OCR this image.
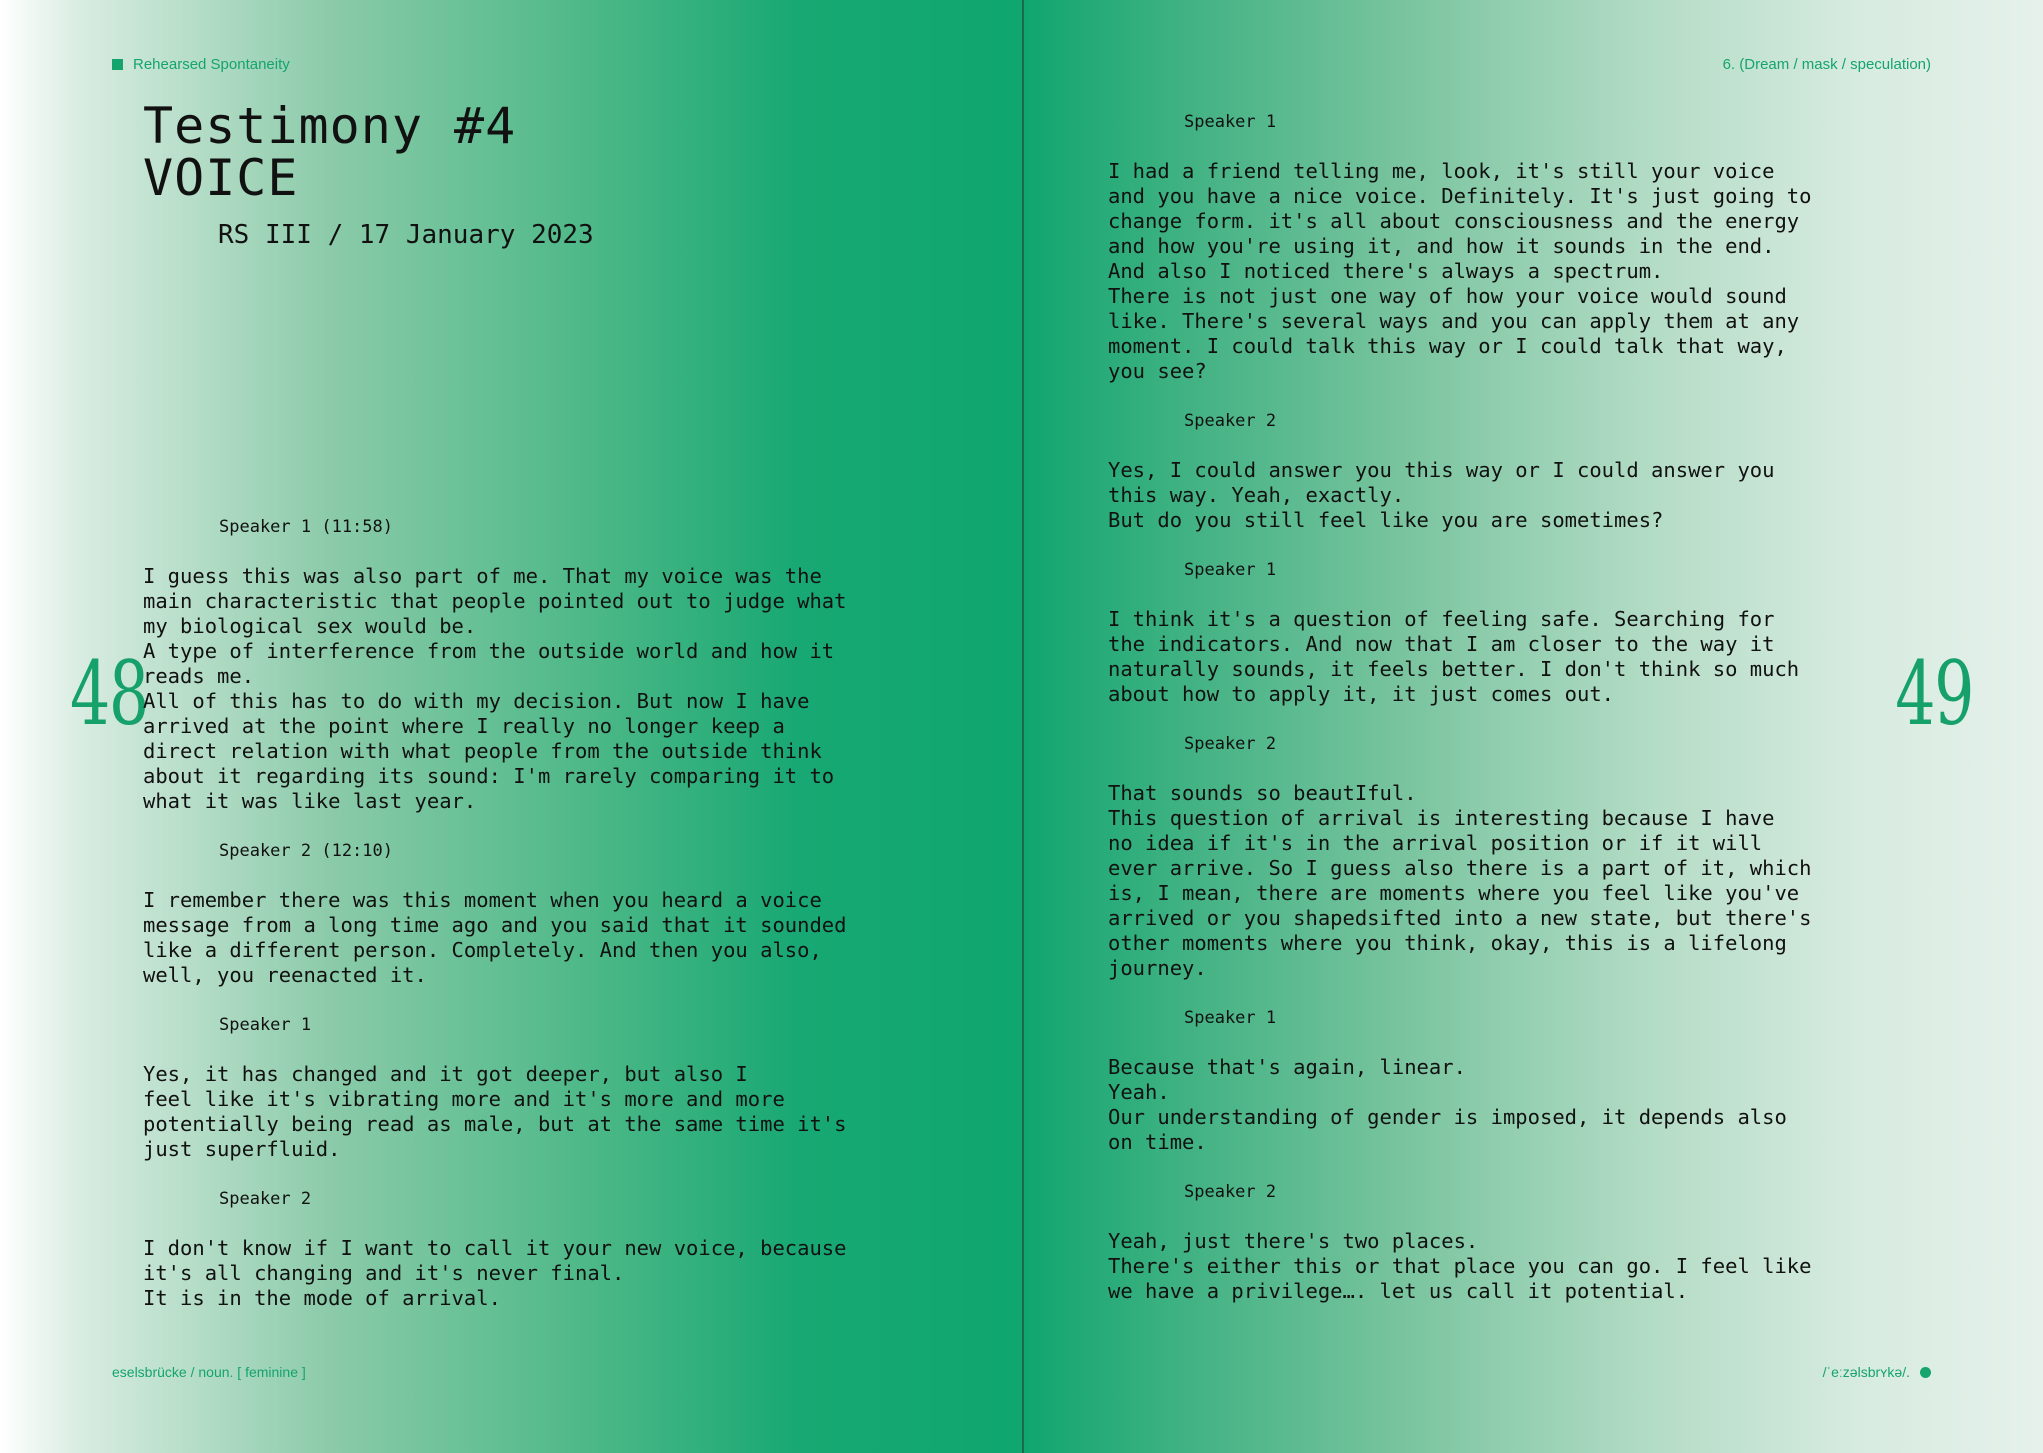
Rehearsed Spontaneity
Testimony #4
VOICE
RS III / 17 January 2023
48
Speaker 1 (11:58)
I guess this was also part of me. That my voice was the
main characteristic that people pointed out to judge what
my biological sex would be.
A type of interference from the outside world and how it
reads me.
All of this has to do with my decision. But now I have
arrived at the point where I really no longer keep a
direct relation with what people from the outside think
about it regarding its sound: I'm rarely comparing it to
what it was like last year.
Speaker 2 (12:10)
I remember there was this moment when you heard a voice
message from a long time ago and you said that it sounded
like a different person. Completely. And then you also,
well, you reenacted it.
Speaker 1
Yes, it has changed and it got deeper, but also I
feel like it's vibrating more and it's more and more
potentially being read as male, but at the same time it's
just superfluid.
Speaker 2
I don't know if I want to call it your new voice, because
it's all changing and it's never final.
It is in the mode of arrival.
eselsbrücke / noun. [ feminine ]
6. (Dream / mask / speculation)
49
Speaker 1
I had a friend telling me, look, it's still your voice
and you have a nice voice. Definitely. It's just going to
change form. it's all about consciousness and the energy
and how you're using it, and how it sounds in the end.
And also I noticed there's always a spectrum.
There is not just one way of how your voice would sound
like. There's several ways and you can apply them at any
moment. I could talk this way or I could talk that way,
you see?
Speaker 2
Yes, I could answer you this way or I could answer you
this way. Yeah, exactly.
But do you still feel like you are sometimes?
Speaker 1
I think it's a question of feeling safe. Searching for
the indicators. And now that I am closer to the way it
naturally sounds, it feels better. I don't think so much
about how to apply it, it just comes out.
Speaker 2
That sounds so beautIful.
This question of arrival is interesting because I have
no idea if it's in the arrival position or if it will
ever arrive. So I guess also there is a part of it, which
is, I mean, there are moments where you feel like you've
arrived or you shapedsifted into a new state, but there's
other moments where you think, okay, this is a lifelong
journey.
Speaker 1
Because that's again, linear.
Yeah.
Our understanding of gender is imposed, it depends also
on time.
Speaker 2
Yeah, just there's two places.
There's either this or that place you can go. I feel like
we have a privilege…. let us call it potential.
/ˈeːzəlsbrʏkə/.
